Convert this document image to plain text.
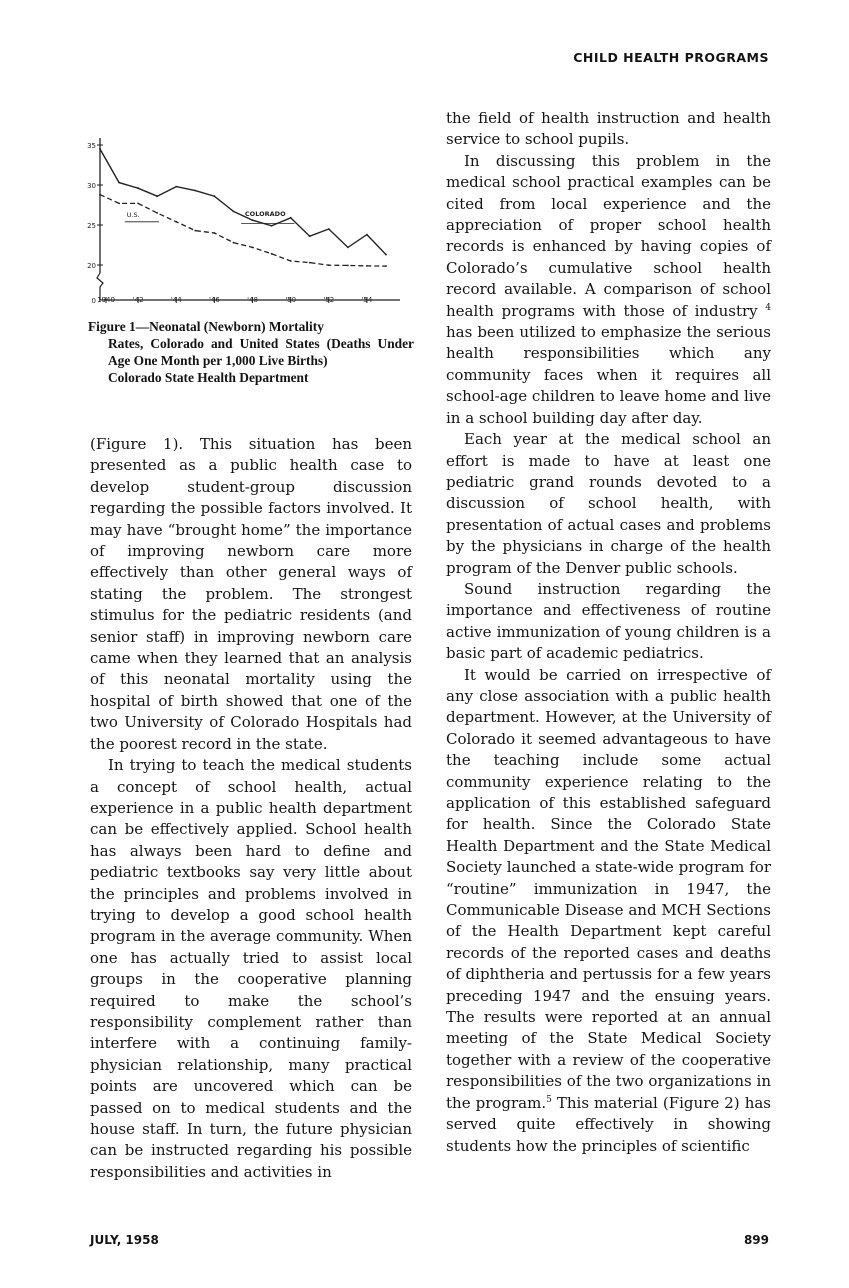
CHILD HEALTH PROGRAMS
0
20
25
30
35
1940	'42	'44	'46	'48	'50	'52	'54
COLORADO
U.S.
Figure 1—Neonatal (Newborn) Mortality
Rates, Colorado and United States (Deaths Under Age One Month per 1,000 Live Births)
Colorado State Health Department

(Figure 1). This situation has been presented as a public health case to develop student-group discussion regarding the possible factors involved. It may have “brought home” the importance of improving newborn care more effectively than other general ways of stating the problem. The strongest stimulus for the pediatric residents (and senior staff) in improving newborn care came when they learned that an analysis of this neonatal mortality using the hospital of birth showed that one of the two University of Colorado Hospitals had the poorest record in the state.

In trying to teach the medical students a concept of school health, actual experience in a public health department can be effectively applied. School health has always been hard to define and pediatric textbooks say very little about the principles and problems involved in trying to develop a good school health program in the average community. When one has actually tried to assist local groups in the cooperative planning required to make the school’s responsibility complement rather than interfere with a continuing family-physician relationship, many practical points are uncovered which can be passed on to medical students and the house staff. In turn, the future physician can be instructed regarding his possible responsibilities and activities in

the field of health instruction and health service to school pupils.

In discussing this problem in the medical school practical examples can be cited from local experience and the appreciation of proper school health records is enhanced by having copies of Colorado’s cumulative school health record available. A comparison of school health programs with those of industry $^4$ has been utilized to emphasize the serious health responsibilities which any community faces when it requires all school-age children to leave home and live in a school building day after day.

Each year at the medical school an effort is made to have at least one pediatric grand rounds devoted to a discussion of school health, with presentation of actual cases and problems by the physicians in charge of the health program of the Denver public schools.

Sound instruction regarding the importance and effectiveness of routine active immunization of young children is a basic part of academic pediatrics.

It would be carried on irrespective of any close association with a public health department. However, at the University of Colorado it seemed advantageous to have the teaching include some actual community experience relating to the application of this established safeguard for health. Since the Colorado State Health Department and the State Medical Society launched a state-wide program for “routine” immunization in 1947, the Communicable Disease and MCH Sections of the Health Department kept careful records of the reported cases and deaths of diphtheria and pertussis for a few years preceding 1947 and the ensuing years. The results were reported at an annual meeting of the State Medical Society together with a review of the cooperative responsibilities of the two organizations in the program.$^5$ This material (Figure 2) has served quite effectively in showing students how the principles of scientific

JULY, 1958	899
